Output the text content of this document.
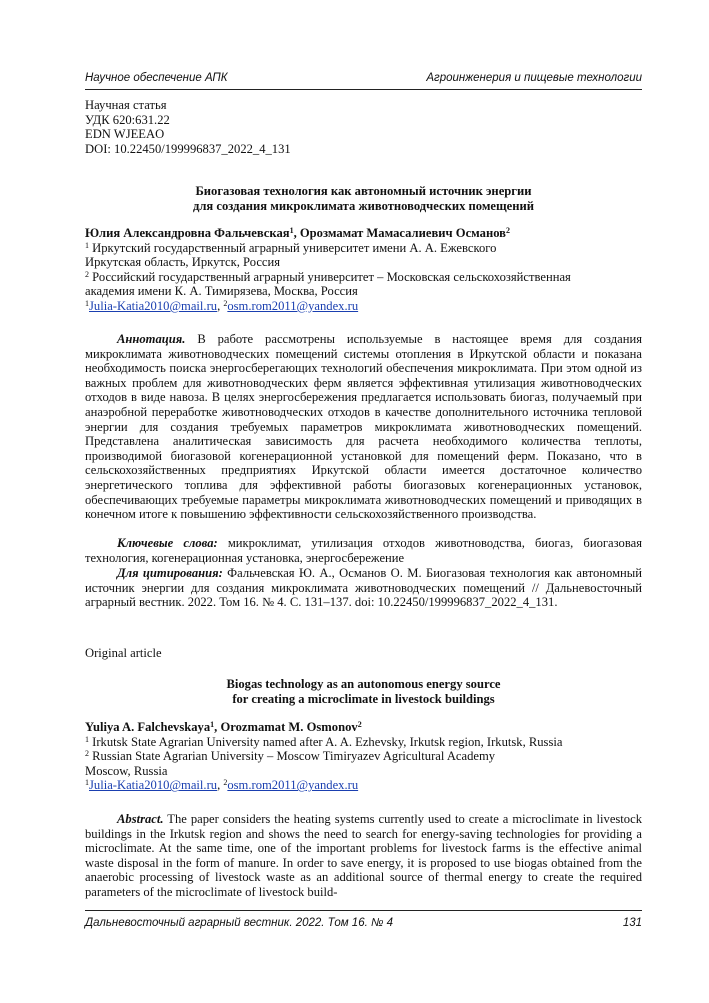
Научное обеспечение АПК	Агроинженерия и пищевые технологии
Научная статья
УДК 620:631.22
EDN WJEEAO
DOI: 10.22450/199996837_2022_4_131
Биогазовая технология как автономный источник энергии
для создания микроклимата животноводческих помещений
Юлия Александровна Фальчевская$^1$, Орозмамат Мамасалиевич Османов$^2$
$^1$ Иркутский государственный аграрный университет имени А. А. Ежевского
Иркутская область, Иркутск, Россия
$^2$ Российский государственный аграрный университет – Московская сельскохозяйственная
академия имени К. А. Тимирязева, Москва, Россия
$^1$Julia-Katia2010@mail.ru, $^2$osm.rom2011@yandex.ru
Аннотация. В работе рассмотрены используемые в настоящее время для создания микроклимата животноводческих помещений системы отопления в Иркутской области и показана необходимость поиска энергосберегающих технологий обеспечения микроклимата. При этом одной из важных проблем для животноводческих ферм является эффективная утилизация животноводческих отходов в виде навоза. В целях энергосбережения предлагается использовать биогаз, получаемый при анаэробной переработке животноводческих отходов в качестве дополнительного источника тепловой энергии для создания требуемых параметров микроклимата животноводческих помещений. Представлена аналитическая зависимость для расчета необходимого количества теплоты, производимой биогазовой когенерационной установкой для помещений ферм. Показано, что в сельскохозяйственных предприятиях Иркутской области имеется достаточное количество энергетического топлива для эффективной работы биогазовых когенерационных установок, обеспечивающих требуемые параметры микроклимата животноводческих помещений и приводящих в конечном итоге к повышению эффективности сельскохозяйственного производства.
Ключевые слова: микроклимат, утилизация отходов животноводства, биогаз, биогазовая технология, когенерационная установка, энергосбережение
Для цитирования: Фальчевская Ю. А., Османов О. М. Биогазовая технология как автономный источник энергии для создания микроклимата животноводческих помещений // Дальневосточный аграрный вестник. 2022. Том 16. № 4. С. 131–137. doi: 10.22450/199996837_2022_4_131.
Original article
Biogas technology as an autonomous energy source
for creating a microclimate in livestock buildings
Yuliya A. Falchevskaya$^1$, Orozmamat M. Osmonov$^2$
$^1$ Irkutsk State Agrarian University named after A. A. Ezhevsky, Irkutsk region, Irkutsk, Russia
$^2$ Russian State Agrarian University – Moscow Timiryazev Agricultural Academy
Moscow, Russia
$^1$Julia-Katia2010@mail.ru, $^2$osm.rom2011@yandex.ru
Abstract. The paper considers the heating systems currently used to create a microclimate in livestock buildings in the Irkutsk region and shows the need to search for energy-saving technologies for providing a microclimate. At the same time, one of the important problems for livestock farms is the effective animal waste disposal in the form of manure. In order to save energy, it is proposed to use biogas obtained from the anaerobic processing of livestock waste as an additional source of thermal energy to create the required parameters of the microclimate of livestock build-
Дальневосточный аграрный вестник. 2022. Том 16. № 4	131
